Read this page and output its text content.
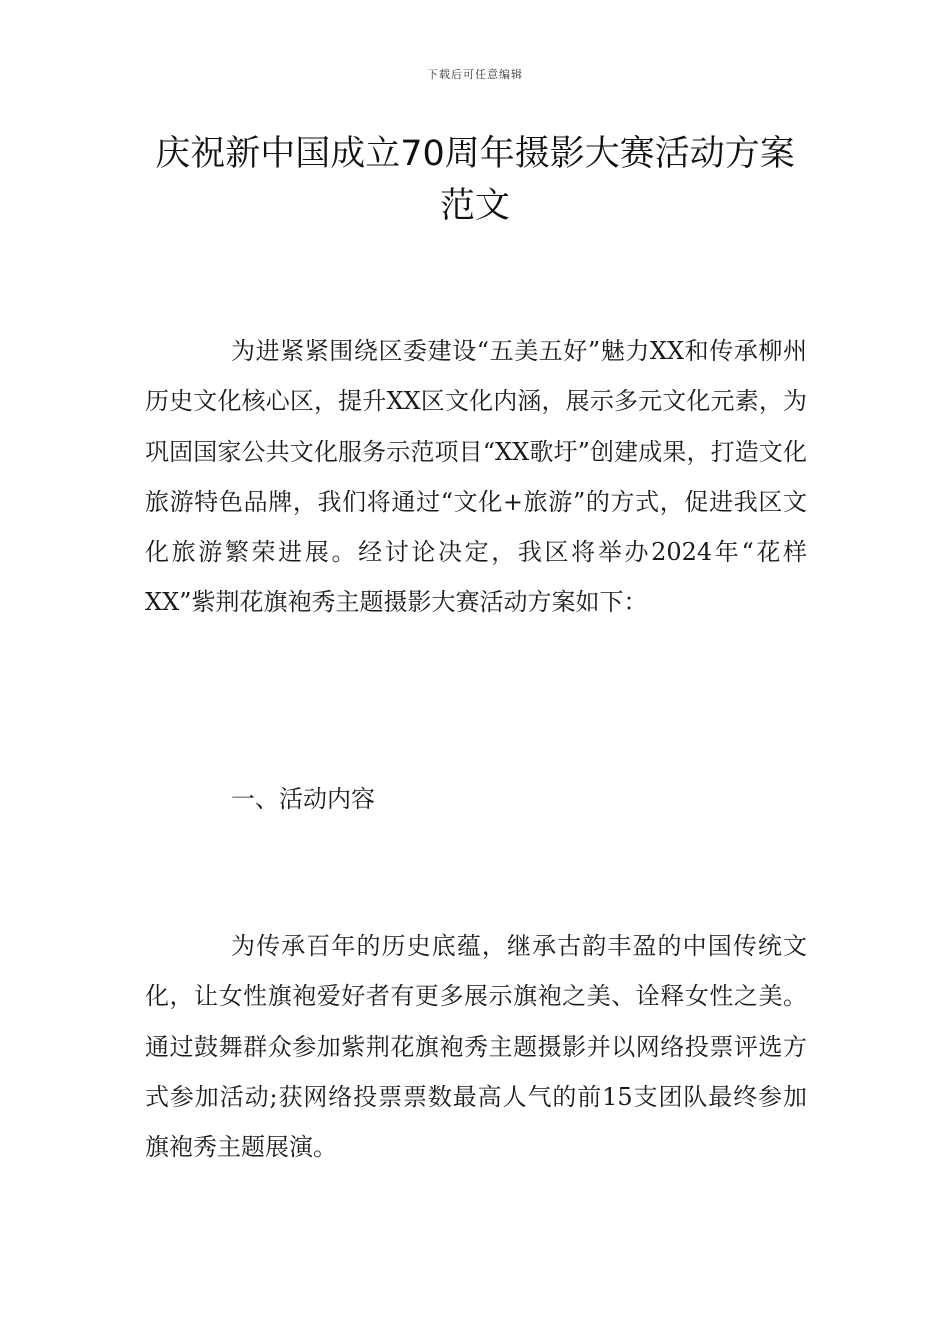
下载后可任意编辑
庆祝新中国成立70周年摄影大赛活动方案范文

为进紧紧围绕区委建设“五美五好”魅力XX和传承柳州历史文化核心区，提升XX区文化内涵，展示多元文化元素，为巩固国家公共文化服务示范项目“XX歌圩”创建成果，打造文化旅游特色品牌，我们将通过“文化+旅游”的方式，促进我区文化旅游繁荣进展。经讨论决定，我区将举办2024年“花样XX”紫荆花旗袍秀主题摄影大赛活动方案如下：

一、活动内容

为传承百年的历史底蕴，继承古韵丰盈的中国传统文化，让女性旗袍爱好者有更多展示旗袍之美、诠释女性之美。通过鼓舞群众参加紫荆花旗袍秀主题摄影并以网络投票评选方式参加活动;获网络投票票数最高人气的前15支团队最终参加旗袍秀主题展演。
